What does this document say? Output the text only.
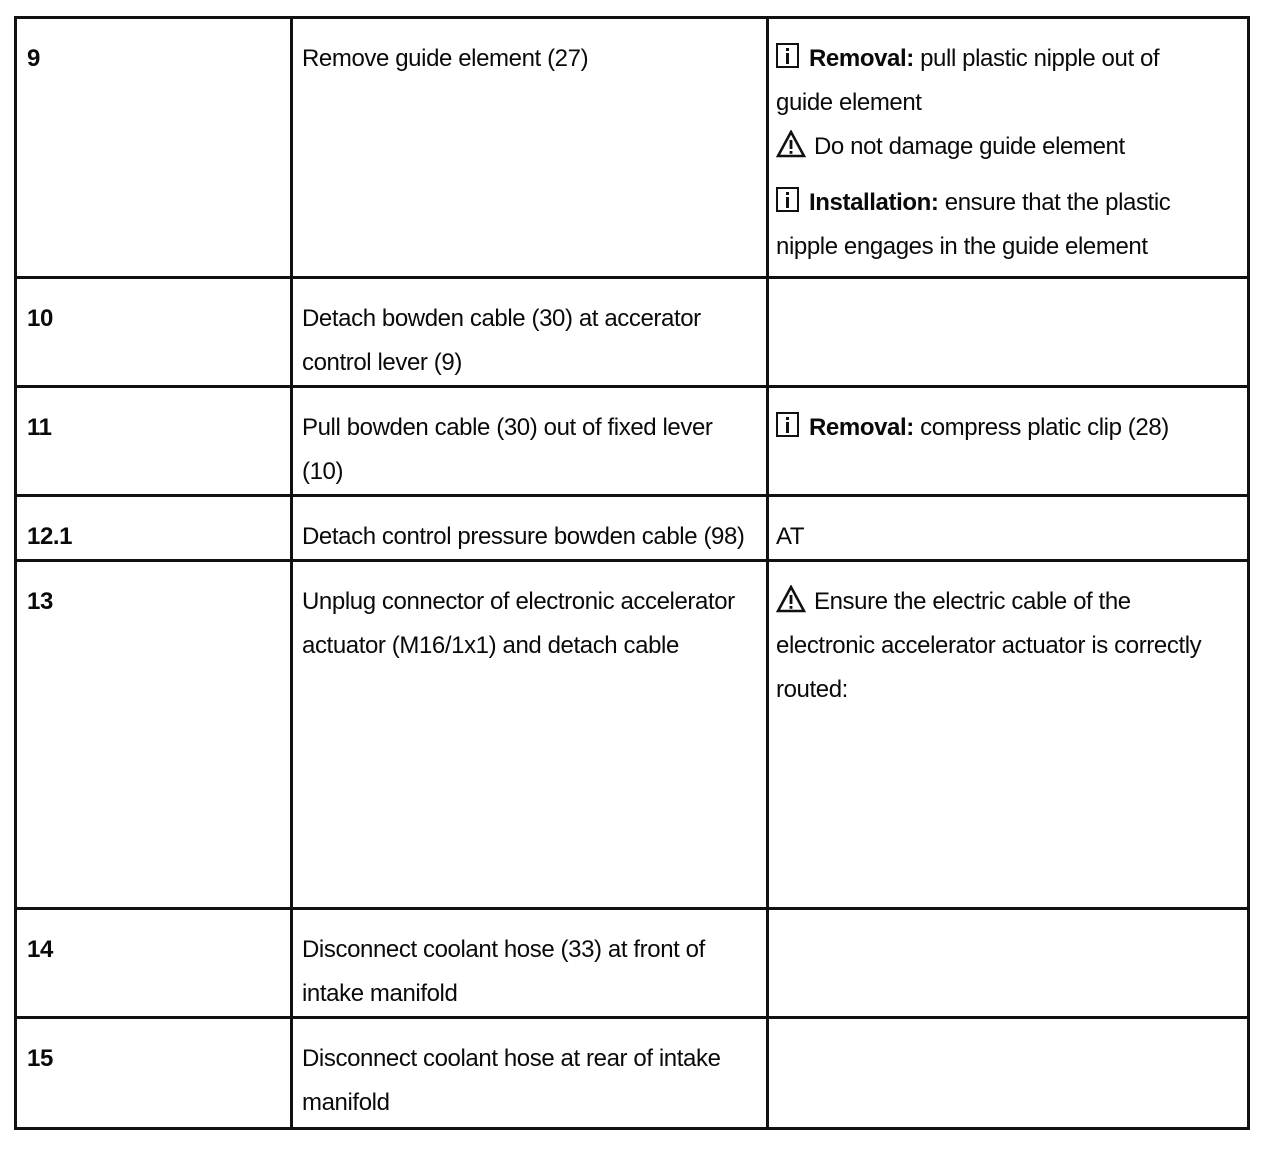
9	Remove guide element (27)	Removal: pull plastic nipple out of
guide element
Do not damage guide element
Installation: ensure that the plastic
nipple engages in the guide element

10	Detach bowden cable (30) at accerator
control lever (9)	

11	Pull bowden cable (30) out of fixed lever
(10)	Removal: compress platic clip (28)

12.1	Detach control pressure bowden cable (98)	AT

13	Unplug connector of electronic accelerator
actuator (M16/1x1) and detach cable	Ensure the electric cable of the
electronic accelerator actuator is correctly
routed:

14	Disconnect coolant hose (33) at front of
intake manifold	

15	Disconnect coolant hose at rear of intake
manifold	
